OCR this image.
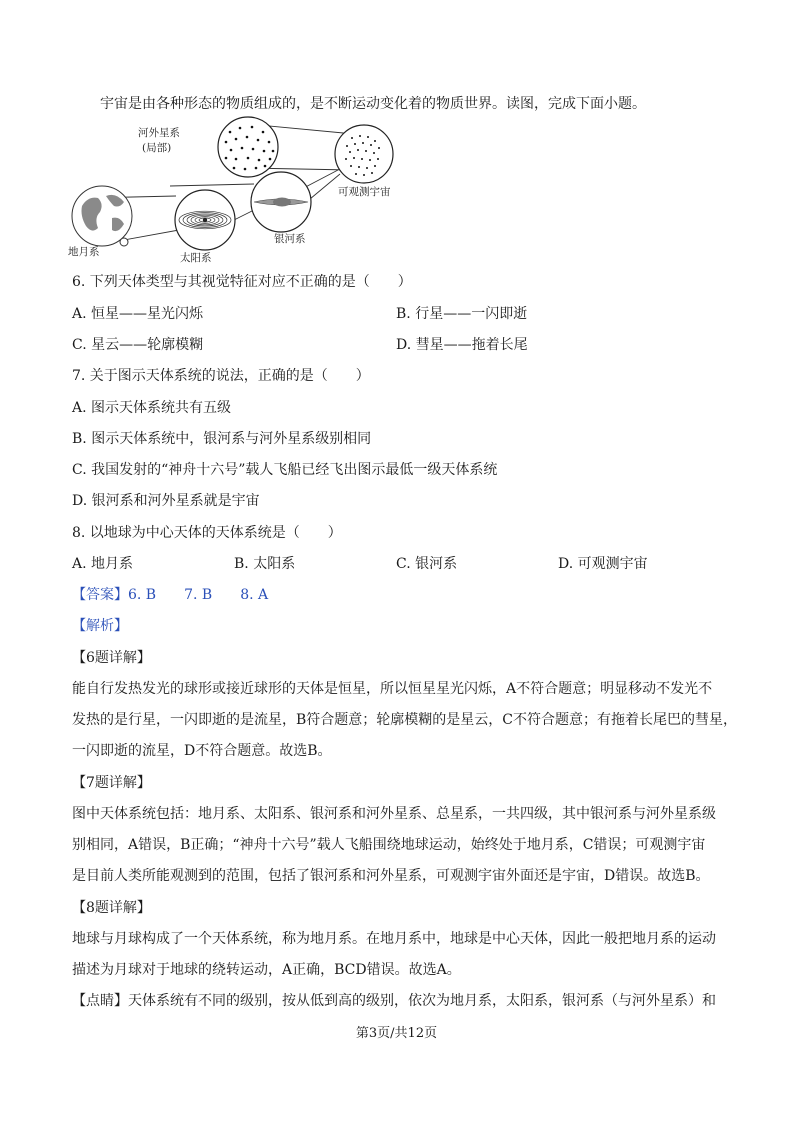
宇宙是由各种形态的物质组成的，是不断运动变化着的物质世界。读图，完成下面小题。
河外星系
(局部)
可观测宇宙
银河系
地月系	太阳系
6. 下列天体类型与其视觉特征对应不正确的是（　　）
A. 恒星——星光闪烁	B. 行星——一闪即逝
C. 星云——轮廓模糊	D. 彗星——拖着长尾
7. 关于图示天体系统的说法，正确的是（　　）
A. 图示天体系统共有五级
B. 图示天体系统中，银河系与河外星系级别相同
C. 我国发射的“神舟十六号”载人飞船已经飞出图示最低一级天体系统
D. 银河系和河外星系就是宇宙
8. 以地球为中心天体的天体系统是（　　）
A. 地月系	B. 太阳系	C. 银河系	D. 可观测宇宙
【答案】6. B　　7. B　　8. A
【解析】
【6题详解】
能自行发热发光的球形或接近球形的天体是恒星，所以恒星星光闪烁，A不符合题意；明显移动不发光不
发热的是行星，一闪即逝的是流星，B符合题意；轮廓模糊的是星云，C不符合题意；有拖着长尾巴的彗星，
一闪即逝的流星，D不符合题意。故选B。
【7题详解】
图中天体系统包括：地月系、太阳系、银河系和河外星系、总星系，一共四级，其中银河系与河外星系级
别相同，A错误，B正确；“神舟十六号”载人飞船围绕地球运动，始终处于地月系，C错误；可观测宇宙
是目前人类所能观测到的范围，包括了银河系和河外星系，可观测宇宙外面还是宇宙，D错误。故选B。
【8题详解】
地球与月球构成了一个天体系统，称为地月系。在地月系中，地球是中心天体，因此一般把地月系的运动
描述为月球对于地球的绕转运动，A正确，BCD错误。故选A。
【点睛】天体系统有不同的级别，按从低到高的级别，依次为地月系，太阳系，银河系（与河外星系）和
第3页/共12页
